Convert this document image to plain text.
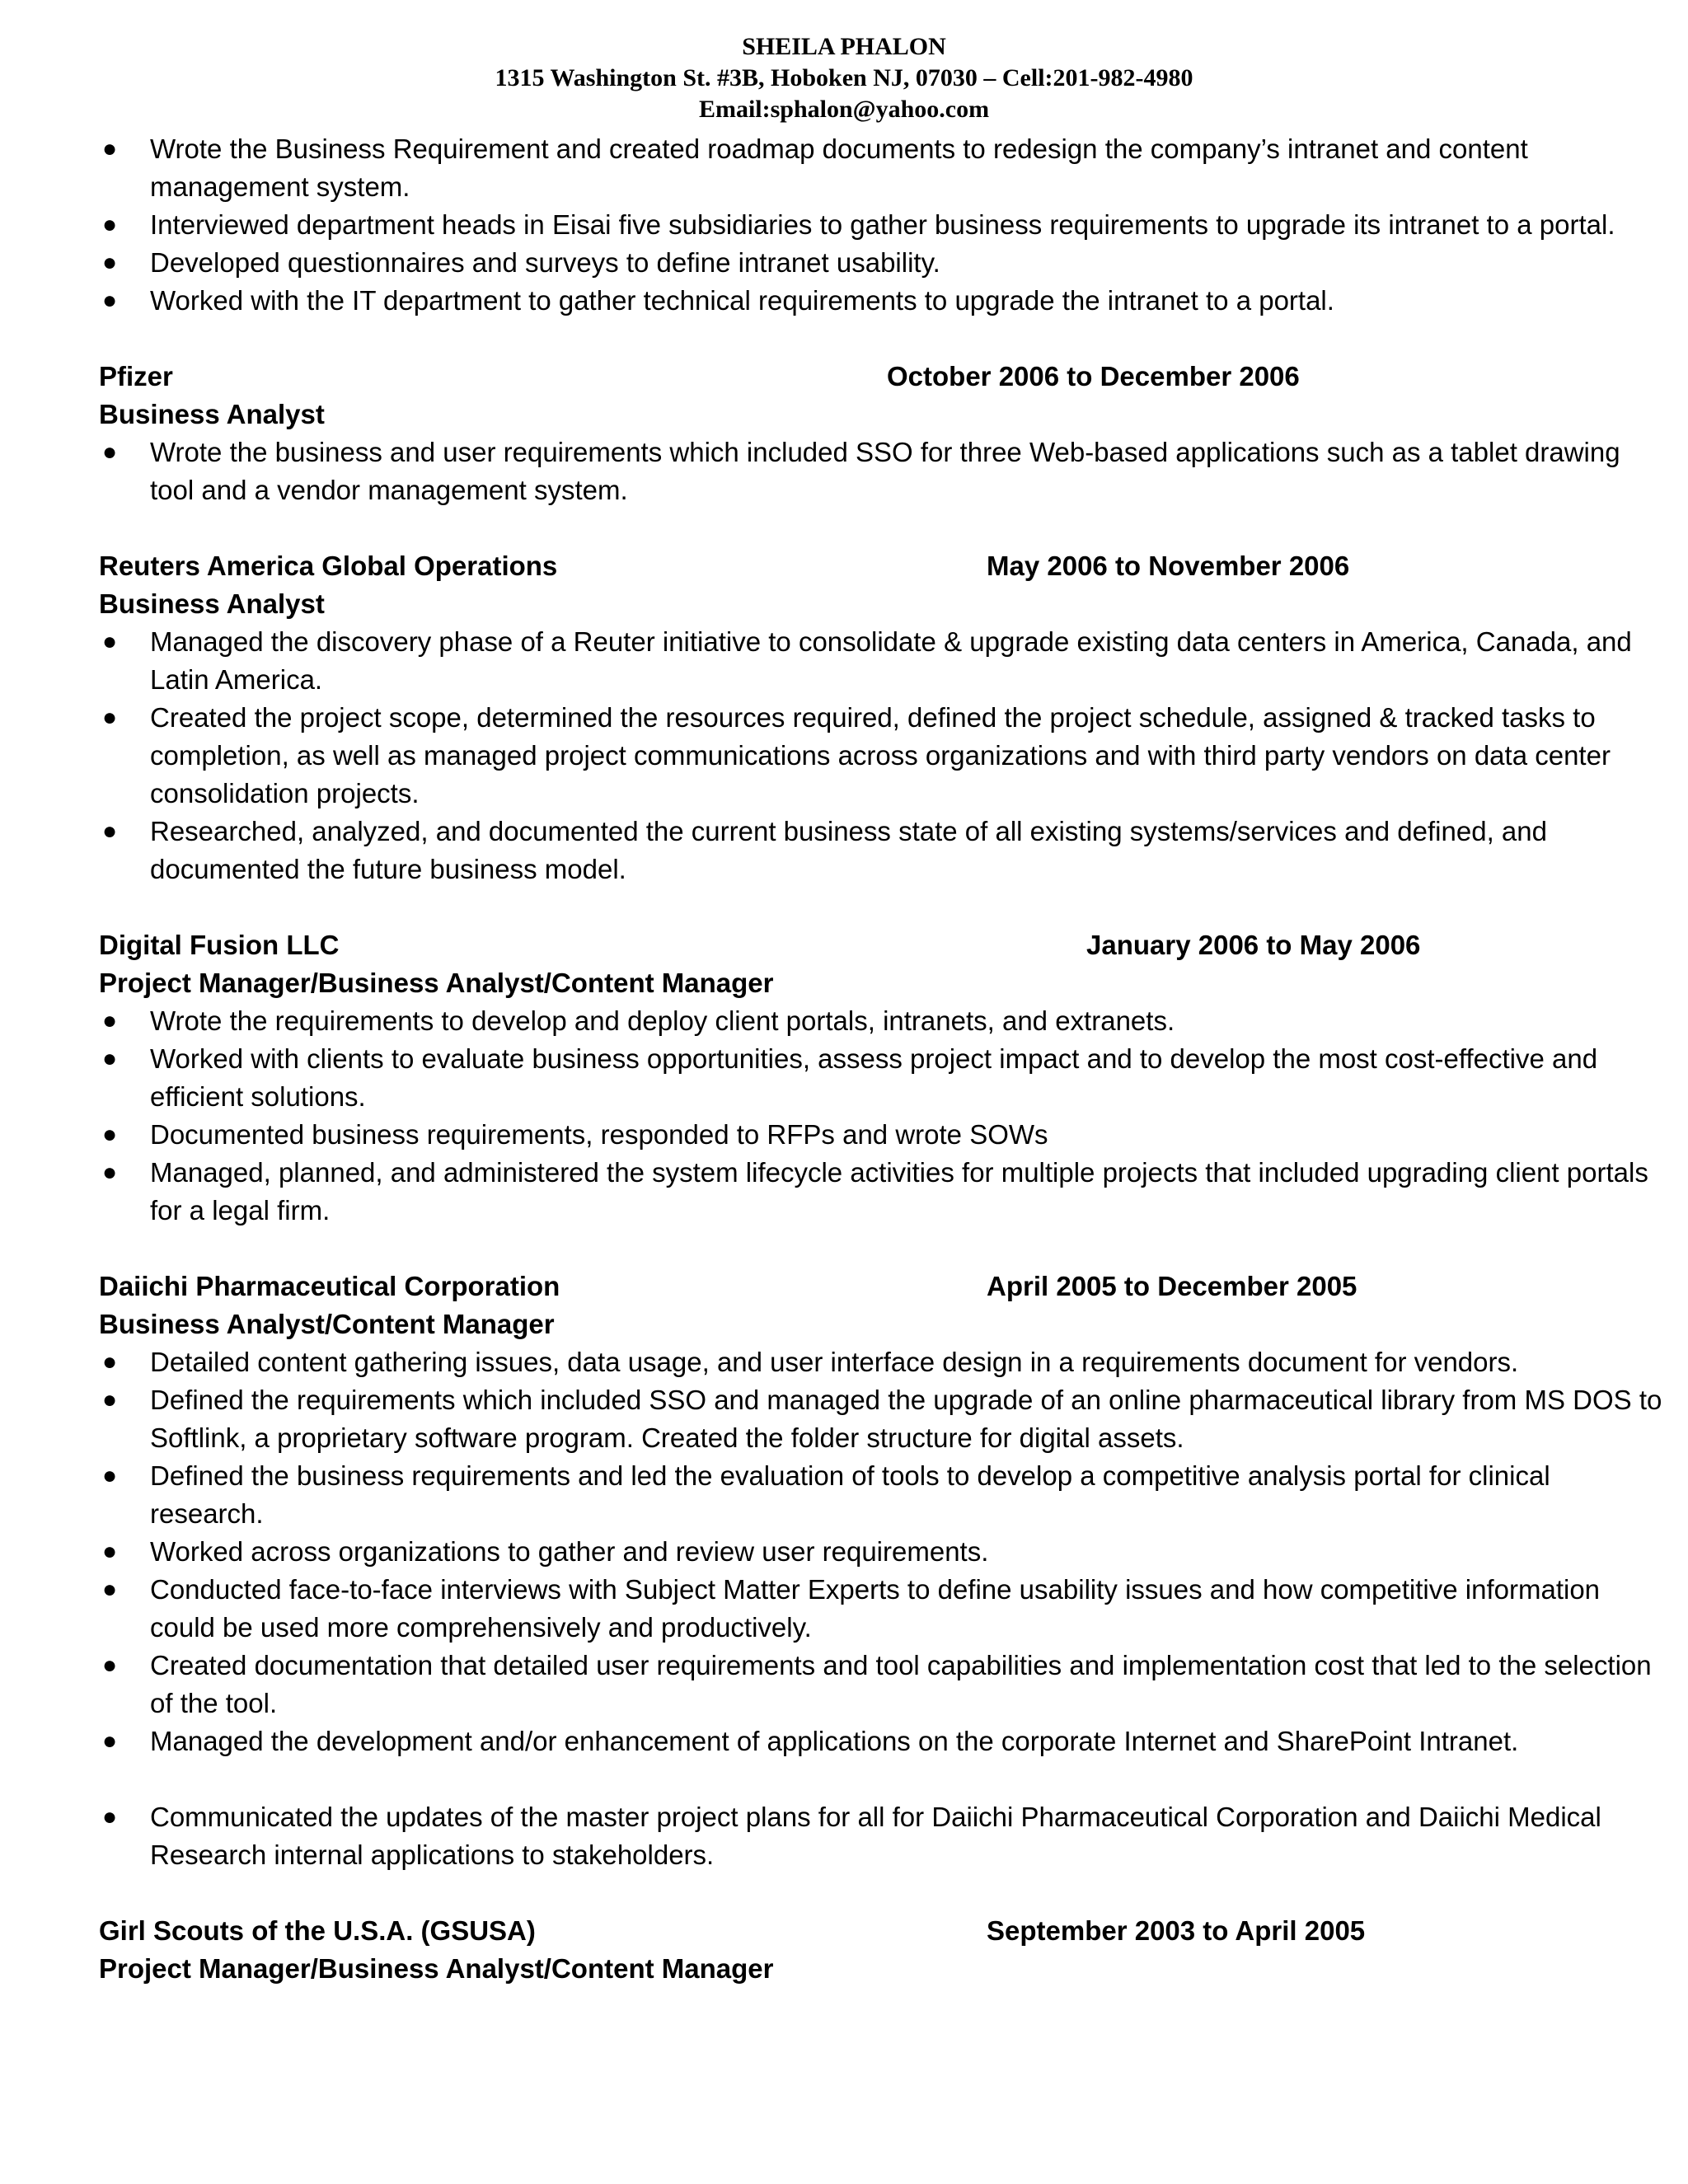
SHEILA PHALON
1315 Washington St. #3B, Hoboken NJ, 07030 – Cell:201-982-4980
Email:sphalon@yahoo.com
● Wrote the Business Requirement and created roadmap documents to redesign the company’s intranet and content management system.
● Interviewed department heads in Eisai five subsidiaries to gather business requirements to upgrade its intranet to a portal.
● Developed questionnaires and surveys to define intranet usability.
● Worked with the IT department to gather technical requirements to upgrade the intranet to a portal.
Pfizer	October 2006 to December 2006
Business Analyst
● Wrote the business and user requirements which included SSO for three Web-based applications such as a tablet drawing tool and a vendor management system.
Reuters America Global Operations	May 2006 to November 2006
Business Analyst
● Managed the discovery phase of a Reuter initiative to consolidate & upgrade existing data centers in America, Canada, and Latin America.
● Created the project scope, determined the resources required, defined the project schedule, assigned & tracked tasks to completion, as well as managed project communications across organizations and with third party vendors on data center consolidation projects.
● Researched, analyzed, and documented the current business state of all existing systems/services and defined, and documented the future business model.
Digital Fusion LLC	January 2006 to May 2006
Project Manager/Business Analyst/Content Manager
● Wrote the requirements to develop and deploy client portals, intranets, and extranets.
● Worked with clients to evaluate business opportunities, assess project impact and to develop the most cost-effective and efficient solutions.
● Documented business requirements, responded to RFPs and wrote SOWs
● Managed, planned, and administered the system lifecycle activities for multiple projects that included upgrading client portals for a legal firm.
Daiichi Pharmaceutical Corporation	April 2005 to December 2005
Business Analyst/Content Manager
● Detailed content gathering issues, data usage, and user interface design in a requirements document for vendors.
● Defined the requirements which included SSO and managed the upgrade of an online pharmaceutical library from MS DOS to Softlink, a proprietary software program. Created the folder structure for digital assets.
● Defined the business requirements and led the evaluation of tools to develop a competitive analysis portal for clinical research.
● Worked across organizations to gather and review user requirements.
● Conducted face-to-face interviews with Subject Matter Experts to define usability issues and how competitive information could be used more comprehensively and productively.
● Created documentation that detailed user requirements and tool capabilities and implementation cost that led to the selection of the tool.
● Managed the development and/or enhancement of applications on the corporate Internet and SharePoint Intranet.
● Communicated the updates of the master project plans for all for Daiichi Pharmaceutical Corporation and Daiichi Medical Research internal applications to stakeholders.
Girl Scouts of the U.S.A. (GSUSA)	September 2003 to April 2005
Project Manager/Business Analyst/Content Manager
